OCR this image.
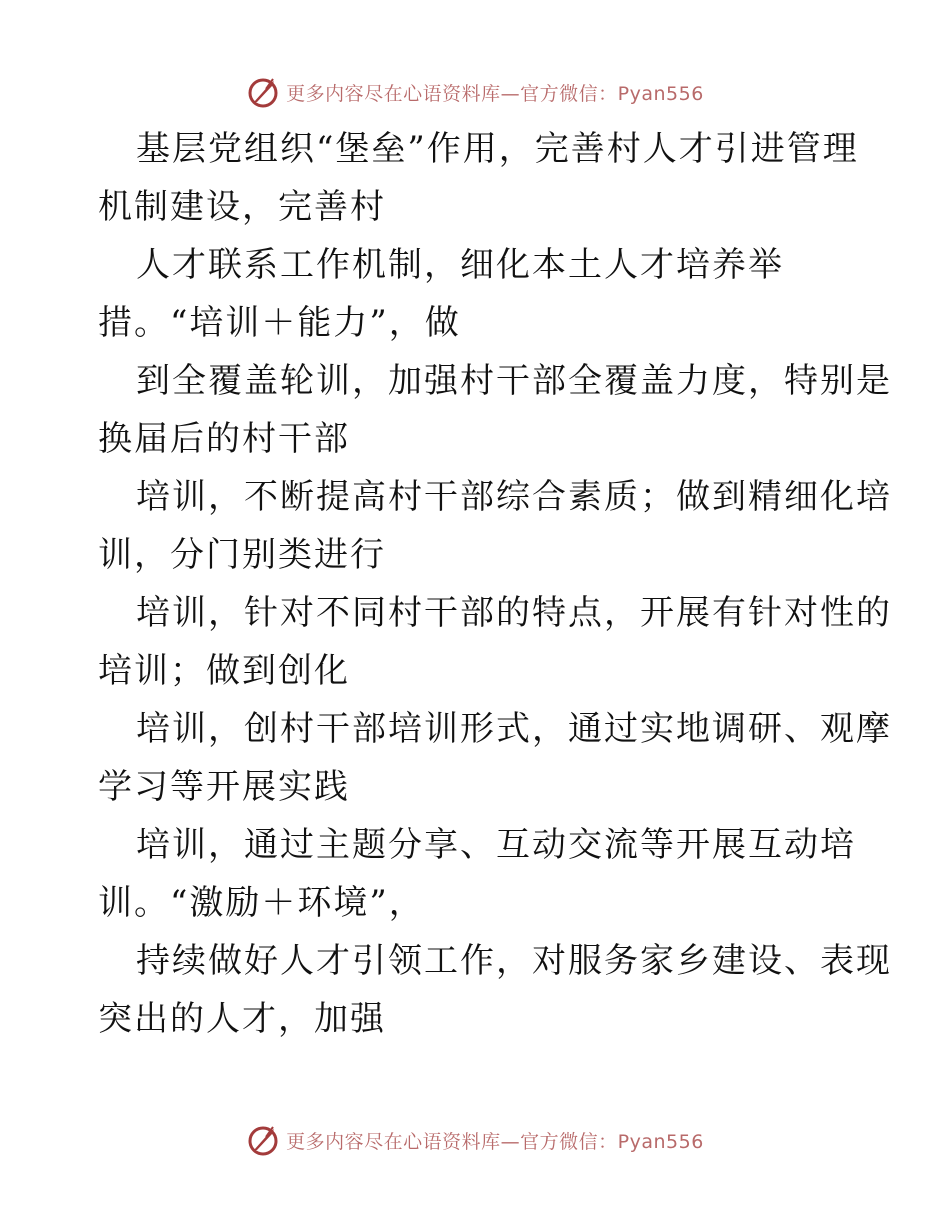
更多内容尽在心语资料库—官方微信：Pyan556
基层党组织“堡垒”作用，完善村人才引进管理
机制建设，完善村
人才联系工作机制，细化本土人才培养举
措。“培训＋能力”，做
到全覆盖轮训，加强村干部全覆盖力度，特别是
换届后的村干部
培训，不断提高村干部综合素质；做到精细化培
训，分门别类进行
培训，针对不同村干部的特点，开展有针对性的
培训；做到创化
培训，创村干部培训形式，通过实地调研、观摩
学习等开展实践
培训，通过主题分享、互动交流等开展互动培
训。“激励＋环境”，
持续做好人才引领工作，对服务家乡建设、表现
突出的人才，加强
更多内容尽在心语资料库—官方微信：Pyan556
